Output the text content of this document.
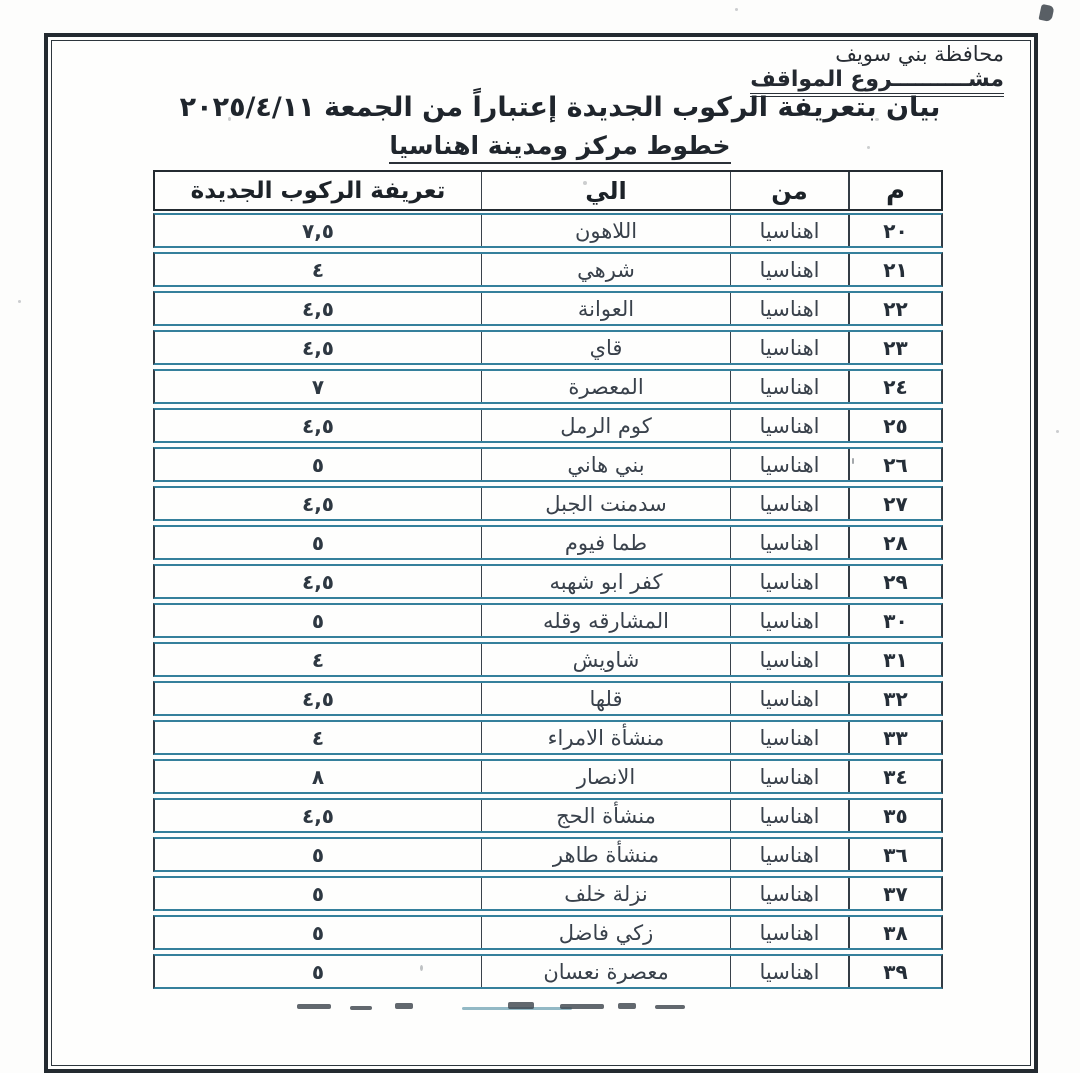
محافظة بني سويف
مشــــــــــروع المواقف
بيان بتعريفة الركوب الجديدة إعتباراً من الجمعة ٢٠٢٥/٤/١١
خطوط مركز ومدينة اهناسيا
م
من
الي
تعريفة الركوب الجديدة
٢٠
اهناسيا
اللاهون
٧,٥
٢١
اهناسيا
شرهي
٤
٢٢
اهناسيا
العوانة
٤,٥
٢٣
اهناسيا
قاي
٤,٥
٢٤
اهناسيا
المعصرة
٧
٢٥
اهناسيا
كوم الرمل
٤,٥
٢٦
اهناسيا
بني هاني
٥
٢٧
اهناسيا
سدمنت الجبل
٤,٥
٢٨
اهناسيا
طما فيوم
٥
٢٩
اهناسيا
كفر ابو شهبه
٤,٥
٣٠
اهناسيا
المشارقه وقله
٥
٣١
اهناسيا
شاويش
٤
٣٢
اهناسيا
قلها
٤,٥
٣٣
اهناسيا
منشأة الامراء
٤
٣٤
اهناسيا
الانصار
٨
٣٥
اهناسيا
منشأة الحج
٤,٥
٣٦
اهناسيا
منشأة طاهر
٥
٣٧
اهناسيا
نزلة خلف
٥
٣٨
اهناسيا
زكي فاضل
٥
٣٩
اهناسيا
معصرة نعسان
٥
